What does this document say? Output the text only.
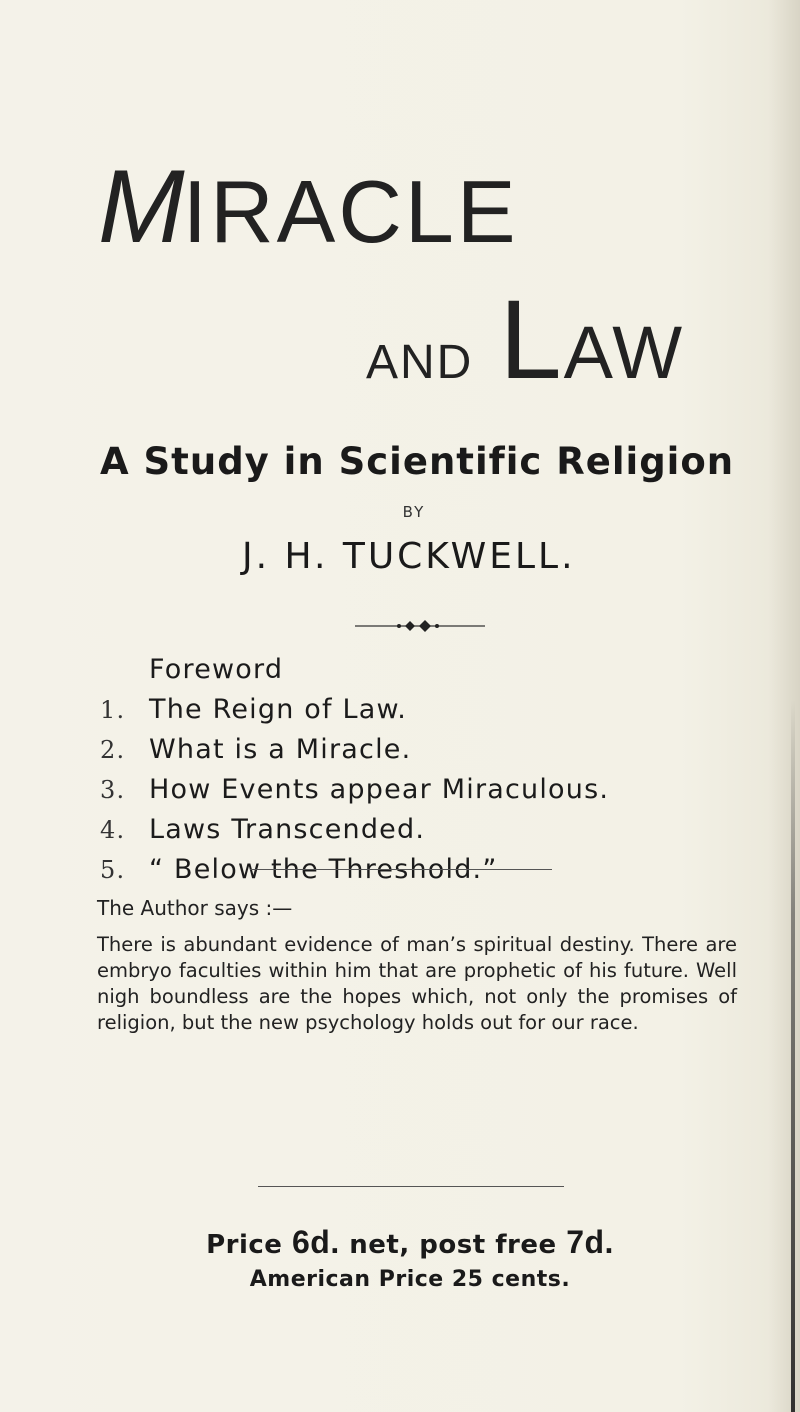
MIRACLE
AND LAW
A Study in Scientific Religion
BY
J. H. TUCKWELL.
Foreword
1. The Reign of Law.
2. What is a Miracle.
3. How Events appear Miraculous.
4. Laws Transcended.
5. “ Below the Threshold.”
The Author says :—
There is abundant evidence of man’s spiritual destiny. There are embryo faculties within him that are prophetic of his future. Well nigh boundless are the hopes which, not only the promises of religion, but the new psychology holds out for our race.
Price 6d. net, post free 7d.
American Price 25 cents.
